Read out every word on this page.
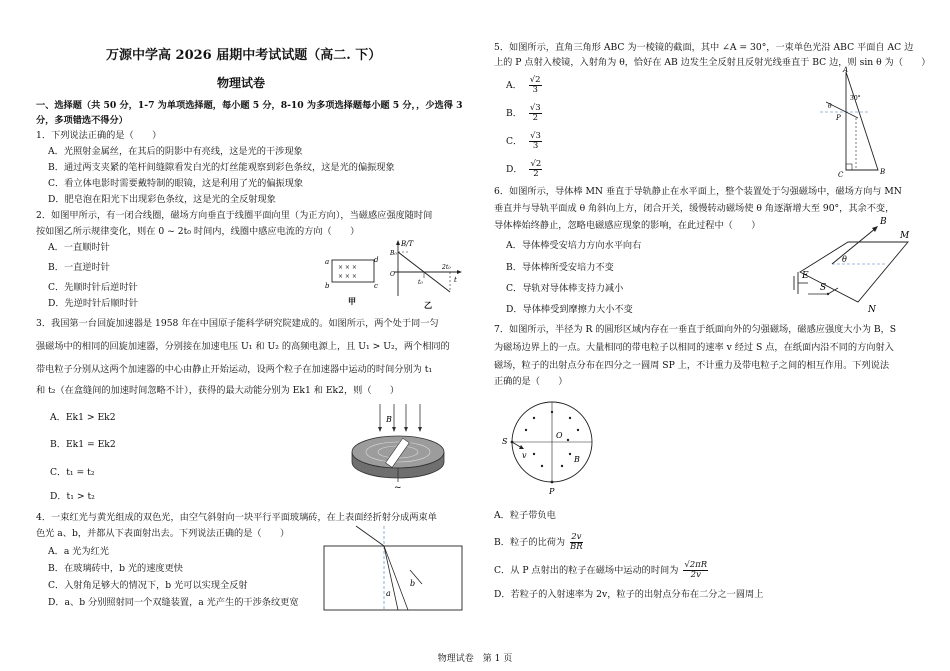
万源中学高 2026 届期中考试试题（高二. 下）
物理试卷
一、选择题（共 50 分，1-7 为单项选择题，每小题 5 分，8-10 为多项选择题每小题 5 分，，少选得 3
分，多项错选不得分）
1．下列说法正确的是（　　）
A．光照射金属丝，在其后的阴影中有亮线，这是光的干涉现象
B．通过两支夹紧的笔杆间缝隙看发白光的灯丝能观察到彩色条纹，这是光的偏振现象
C．看立体电影时需要戴特制的眼镜，这是利用了光的偏振现象
D．肥皂泡在阳光下出现彩色条纹，这是光的全反射现象
2．如图甲所示，有一闭合线圈，磁场方向垂直于线圈平面向里（为正方向），当磁感应强度随时间
按如图乙所示规律变化，则在 0 ~ 2t₀ 时间内，线圈中感应电流的方向（　　）
A．一直顺时针
B．一直逆时针
C．先顺时针后逆时针
D．先逆时针后顺时针
× × ×
× × ×
a
b	c
d
甲
B/T
t
B₀
O
t₀
2t₀
乙
3．我国第一台回旋加速器是 1958 年在中国原子能科学研究院建成的。如图所示，两个处于同一匀
强磁场中的相同的回旋加速器，分别接在加速电压 U₁ 和 U₂ 的高频电源上，且 U₁ > U₂，两个相同的
带电粒子分别从这两个加速器的中心由静止开始运动，设两个粒子在加速器中运动的时间分别为 t₁
和 t₂（在盒缝间的加速时间忽略不计），获得的最大动能分别为 Ek1 和 Ek2，则（　　）
A．Ek1 > Ek2
B．Ek1 = Ek2
C．t₁ = t₂
D．t₁ > t₂
B
~
4．一束红光与黄光组成的双色光，由空气斜射向一块平行平面玻璃砖，在上表面经折射分成两束单
色光 a、b，并都从下表面射出去。下列说法正确的是（　　）
A．a 光为红光
B．在玻璃砖中，b 光的速度更快
C．入射角足够大的情况下，b 光可以实现全反射
D．a、b 分别照射同一个双缝装置，a 光产生的干涉条纹更宽
a
b
5．如图所示，直角三角形 ABC 为一棱镜的截面，其中 ∠A = 30°，一束单色光沿 ABC 平面自 AC 边
上的 P 点射入棱镜，入射角为 θ，恰好在 AB 边发生全反射且反射光线垂直于 BC 边，则 sin θ 为（　　）
A． $\frac{√2}{3}$
B． $\frac{√3}{2}$
C． $\frac{√3}{3}$
D． $\frac{√2}{2}$
A
P
C	B
θ
30°
6．如图所示，导体棒 MN 垂直于导轨静止在水平面上，整个装置处于匀强磁场中，磁场方向与 MN
垂直并与导轨平面成 θ 角斜向上方，闭合开关，缓慢转动磁场使 θ 角逐渐增大至 90°，其余不变，
导体棒始终静止，忽略电磁感应现象的影响，在此过程中（　　）
A．导体棒受安培力方向水平向右
B．导体棒所受安培力不变
C．导轨对导体棒支持力减小
D．导体棒受到摩擦力大小不变
B
M
N
E
S
θ
7．如图所示，半径为 R 的圆形区域内存在一垂直于纸面向外的匀强磁场，磁感应强度大小为 B，S
为磁场边界上的一点。大量相同的带电粒子以相同的速率 v 经过 S 点，在纸面内沿不同的方向射入
磁场，粒子的出射点分布在四分之一圆周 SP 上，不计重力及带电粒子之间的相互作用。下列说法
正确的是（　　）
S
O
B
P
v
A．粒子带负电
B．粒子的比荷为 $\frac{2v}{BR}$
C．从 P 点射出的粒子在磁场中运动的时间为 $\frac{√2\pi R}{2v}$
D．若粒子的入射速率为 2v，粒子的出射点分布在二分之一圆周上
物理试卷　第 1 页
